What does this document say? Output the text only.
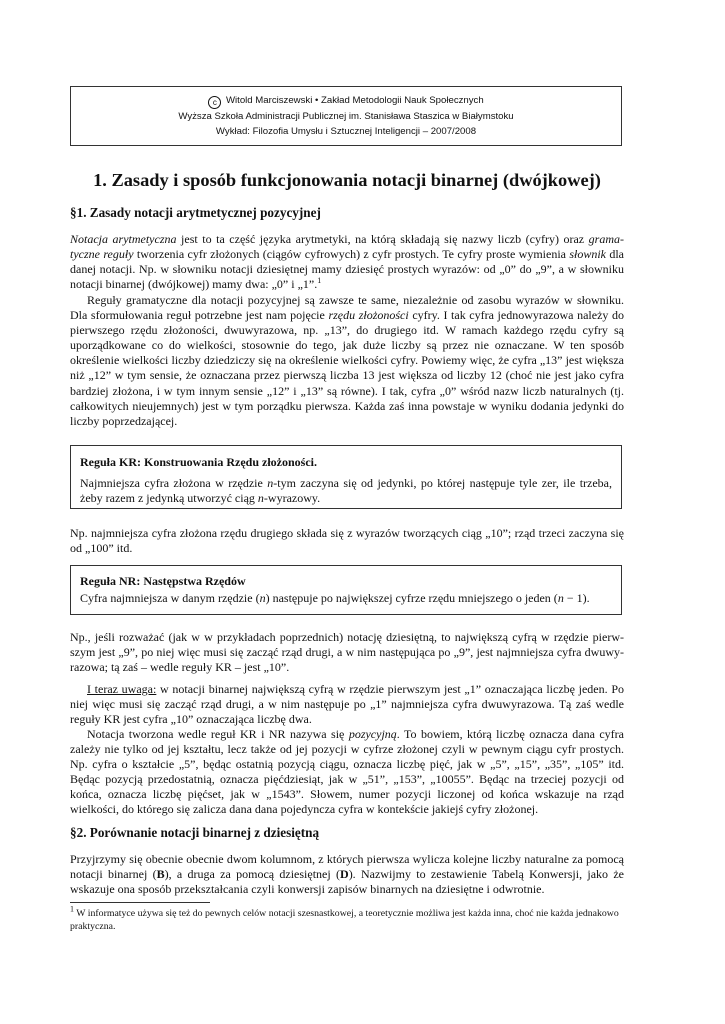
c Witold Marciszewski • Zakład Metodologii Nauk Społecznych
Wyższa Szkoła Administracji Publicznej im. Stanisława Staszica w Białymstoku
Wykład: Filozofia Umysłu i Sztucznej Inteligencji – 2007/2008
1. Zasady i sposób funkcjonowania notacji binarnej (dwójkowej)
§1. Zasady notacji arytmetycznej pozycyjnej
Notacja arytmetyczna jest to ta część języka arytmetyki, na którą składają się nazwy liczb (cyfry) oraz grama-tyczne reguły tworzenia cyfr złożonych (ciągów cyfrowych) z cyfr prostych. Te cyfry proste wymienia słownik dla danej notacji. Np. w słowniku notacji dziesiętnej mamy dziesięć prostych wyrazów: od „0” do „9”, a w słowniku notacji binarnej (dwójkowej) mamy dwa: „0” i „1”.$^1$
Reguły gramatyczne dla notacji pozycyjnej są zawsze te same, niezależnie od zasobu wyrazów w słowniku. Dla sformułowania reguł potrzebne jest nam pojęcie rzędu złożoności cyfry. I tak cyfra jednowyrazowa należy do pierwszego rzędu złożoności, dwuwyrazowa, np. „13”, do drugiego itd. W ramach każdego rzędu cyfry są uporządkowane co do wielkości, stosownie do tego, jak duże liczby są przez nie oznaczane. W ten sposób określenie wielkości liczby dziedziczy się na określenie wielkości cyfry. Powiemy więc, że cyfra „13” jest większa niż „12” w tym sensie, że oznaczana przez pierwszą liczba 13 jest większa od liczby 12 (choć nie jest jako cyfra bardziej złożona, i w tym innym sensie „12” i „13” są równe). I tak, cyfra „0” wśród nazw liczb naturalnych (tj. całkowitych nieujemnych) jest w tym porządku pierwsza. Każda zaś inna powstaje w wyniku dodania jedynki do liczby poprzedzającej.
Reguła KR: Konstruowania Rzędu złożoności.
Najmniejsza cyfra złożona w rzędzie n-tym zaczyna się od jedynki, po której następuje tyle zer, ile trzeba, żeby razem z jedynką utworzyć ciąg n-wyrazowy.
Np. najmniejsza cyfra złożona rzędu drugiego składa się z wyrazów tworzących ciąg „10”; rząd trzeci zaczyna się od „100” itd.
Reguła NR: Następstwa Rzędów
Cyfra najmniejsza w danym rzędzie (n) następuje po największej cyfrze rzędu mniejszego o jeden (n − 1).
Np., jeśli rozważać (jak w w przykładach poprzednich) notację dziesiętną, to największą cyfrą w rzędzie pierw-szym jest „9”, po niej więc musi się zacząć rząd drugi, a w nim następująca po „9”, jest najmniejsza cyfra dwuwy-razowa; tą zaś – wedle reguły KR – jest „10”.
I teraz uwaga: w notacji binarnej największą cyfrą w rzędzie pierwszym jest „1” oznaczająca liczbę jeden. Po niej więc musi się zacząć rząd drugi, a w nim następuje po „1” najmniejsza cyfra dwuwyrazowa. Tą zaś wedle reguły KR jest cyfra „10” oznaczająca liczbę dwa.
Notacja tworzona wedle reguł KR i NR nazywa się pozycyjną. To bowiem, którą liczbę oznacza dana cyfra zależy nie tylko od jej kształtu, lecz także od jej pozycji w cyfrze złożonej czyli w pewnym ciągu cyfr prostych. Np. cyfra o kształcie „5”, będąc ostatnią pozycją ciągu, oznacza liczbę pięć, jak w „5”, „15”, „35”, „105” itd. Będąc pozycją przedostatnią, oznacza pięćdziesiąt, jak w „51”, „153”, „10055”. Będąc na trzeciej pozycji od końca, oznacza liczbę pięćset, jak w „1543”. Słowem, numer pozycji liczonej od końca wskazuje na rząd wielkości, do którego się zalicza dana dana pojedyncza cyfra w kontekście jakiejś cyfry złożonej.
§2. Porównanie notacji binarnej z dziesiętną
Przyjrzymy się obecnie obecnie dwom kolumnom, z których pierwsza wylicza kolejne liczby naturalne za pomocą notacji binarnej (B), a druga za pomocą dziesiętnej (D). Nazwijmy to zestawienie Tabelą Konwersji, jako że wskazuje ona sposób przekształcania czyli konwersji zapisów binarnych na dziesiętne i odwrotnie.
$^1$ W informatyce używa się też do pewnych celów notacji szesnastkowej, a teoretycznie możliwa jest każda inna, choć nie każda jednakowo praktyczna.
